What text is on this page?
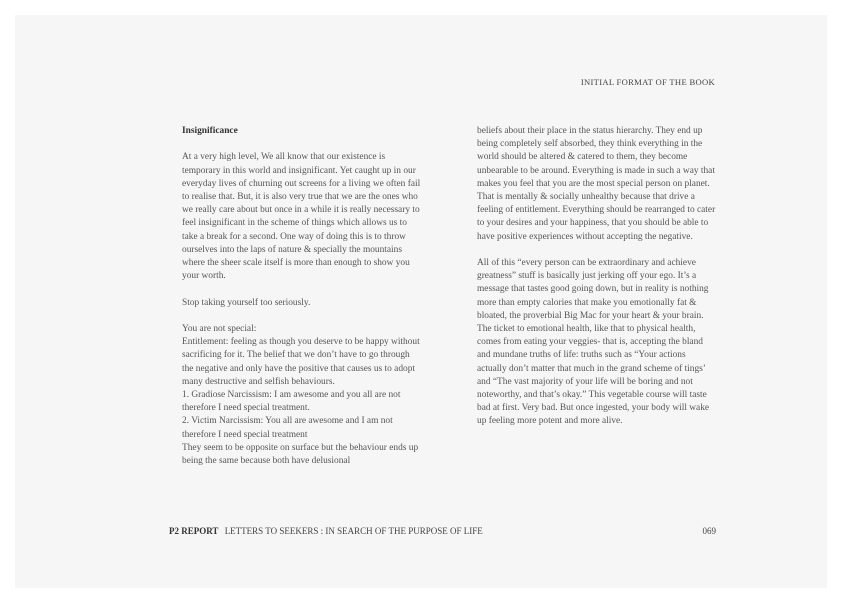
INITIAL FORMAT OF THE BOOK
Insignificance

At a very high level, We all know that our existence is temporary in this world and insignificant. Yet caught up in our everyday lives of churning out screens for a living we often fail to realise that. But, it is also very true that we are the ones who we really care about but once in a while it is really necessary to feel insignificant in the scheme of things which allows us to take a break for a second. One way of doing this is to throw ourselves into the laps of nature & specially the mountains where the sheer scale itself is more than enough to show you your worth.

Stop taking yourself too seriously.

You are not special:

Entitlement: feeling as though you deserve to be happy without sacrificing for it. The belief that we don’t have to go through the negative and only have the positive that causes us to adopt many destructive and selfish behaviours.

1. Gradiose Narcissism: I am awesome and you all are not therefore I need special treatment.

2. Victim Narcissism: You all are awesome and I am not therefore I need special treatment

They seem to be opposite on surface but the behaviour ends up being the same because both have delusional

beliefs about their place in the status hierarchy. They end up being completely self absorbed, they think everything in the world should be altered & catered to them, they become unbearable to be around. Everything is made in such a way that makes you feel that you are the most special person on planet. That is mentally & socially unhealthy because that drive a feeling of entitlement. Everything should be rearranged to cater to your desires and your happiness, that you should be able to have positive experiences without accepting the negative.

All of this “every person can be extraordinary and achieve greatness” stuff is basically just jerking off your ego. It’s a message that tastes good going down, but in reality is nothing more than empty calories that make you emotionally fat & bloated, the proverbial Big Mac for your heart & your brain. The ticket to emotional health, like that to physical health, comes from eating your veggies- that is, accepting the bland and mundane truths of life: truths such as “Your actions actually don’t matter that much in the grand scheme of tings’ and “The vast majority of your life will be boring and not noteworthy, and that’s okay.” This vegetable course will taste bad at first. Very bad. But once ingested, your body will wake up feeling more potent and more alive.

P2 REPORT LETTERS TO SEEKERS : IN SEARCH OF THE PURPOSE OF LIFE	069
